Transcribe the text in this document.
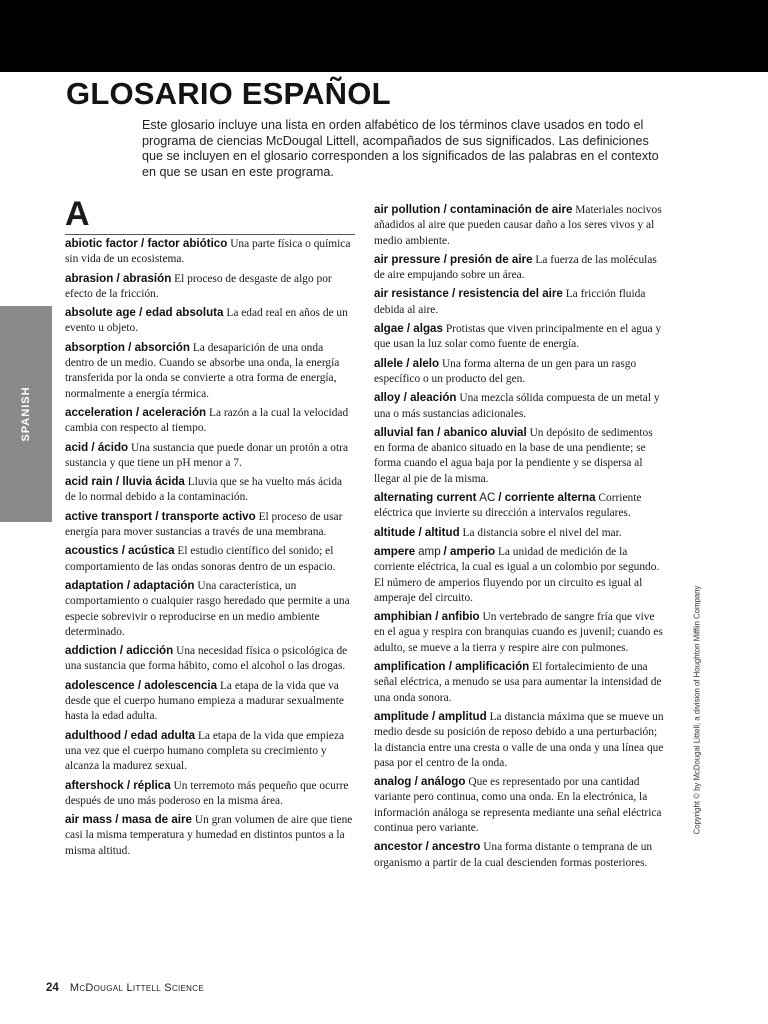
GLOSARIO ESPAÑOL

Este glosario incluye una lista en orden alfabético de los términos clave usados en todo el programa de ciencias McDougal Littell, acompañados de sus significados. Las definiciones que se incluyen en el glosario corresponden a los significados de las palabras en el contexto en que se usan en este programa.

SPANISH
A

abiotic factor / factor abiótico Una parte física o química sin vida de un ecosistema.

abrasion / abrasión El proceso de desgaste de algo por efecto de la fricción.

absolute age / edad absoluta La edad real en años de un evento u objeto.

absorption / absorción La desaparición de una onda dentro de un medio. Cuando se absorbe una onda, la energía transferida por la onda se convierte a otra forma de energía, normalmente a energía térmica.

acceleration / aceleración La razón a la cual la velocidad cambia con respecto al tiempo.

acid / ácido Una sustancia que puede donar un protón a otra sustancia y que tiene un pH menor a 7.

acid rain / lluvia ácida Lluvia que se ha vuelto más ácida de lo normal debido a la contaminación.

active transport / transporte activo El proceso de usar energía para mover sustancias a través de una membrana.

acoustics / acústica El estudio científico del sonido; el comportamiento de las ondas sonoras dentro de un espacio.

adaptation / adaptación Una característica, un comportamiento o cualquier rasgo heredado que permite a una especie sobrevivir o reproducirse en un medio ambiente determinado.

addiction / adicción Una necesidad física o psicológica de una sustancia que forma hábito, como el alcohol o las drogas.

adolescence / adolescencia La etapa de la vida que va desde que el cuerpo humano empieza a madurar sexualmente hasta la edad adulta.

adulthood / edad adulta La etapa de la vida que empieza una vez que el cuerpo humano completa su crecimiento y alcanza la madurez sexual.

aftershock / réplica Un terremoto más pequeño que ocurre después de uno más poderoso en la misma área.

air mass / masa de aire Un gran volumen de aire que tiene casi la misma temperatura y humedad en distintos puntos a la misma altitud.

air pollution / contaminación de aire Materiales nocivos añadidos al aire que pueden causar daño a los seres vivos y al medio ambiente.

air pressure / presión de aire La fuerza de las moléculas de aire empujando sobre un área.

air resistance / resistencia del aire La fricción fluida debida al aire.

algae / algas Protistas que viven principalmente en el agua y que usan la luz solar como fuente de energía.

allele / alelo Una forma alterna de un gen para un rasgo específico o un producto del gen.

alloy / aleación Una mezcla sólida compuesta de un metal y una o más sustancias adicionales.

alluvial fan / abanico aluvial Un depósito de sedimentos en forma de abanico situado en la base de una pendiente; se forma cuando el agua baja por la pendiente y se dispersa al llegar al pie de la misma.

alternating current AC / corriente alterna Corriente eléctrica que invierte su dirección a intervalos regulares.

altitude / altitud La distancia sobre el nivel del mar.

ampere amp / amperio La unidad de medición de la corriente eléctrica, la cual es igual a un colombio por segundo. El número de amperios fluyendo por un circuito es igual al amperaje del circuito.

amphibian / anfibio Un vertebrado de sangre fría que vive en el agua y respira con branquias cuando es juvenil; cuando es adulto, se mueve a la tierra y respire aire con pulmones.

amplification / amplificación El fortalecimiento de una señal eléctrica, a menudo se usa para aumentar la intensidad de una onda sonora.

amplitude / amplitud La distancia máxima que se mueve un medio desde su posición de reposo debido a una perturbación; la distancia entre una cresta o valle de una onda y una línea que pasa por el centro de la onda.

analog / análogo Que es representado por una cantidad variante pero continua, como una onda. En la electrónica, la información análoga se representa mediante una señal eléctrica continua pero variante.

ancestor / ancestro Una forma distante o temprana de un organismo a partir de la cual descienden formas posteriores.

Copyright © by McDougal Littell, a division of Houghton Mifflin Company
24 McDougal Littell Science
